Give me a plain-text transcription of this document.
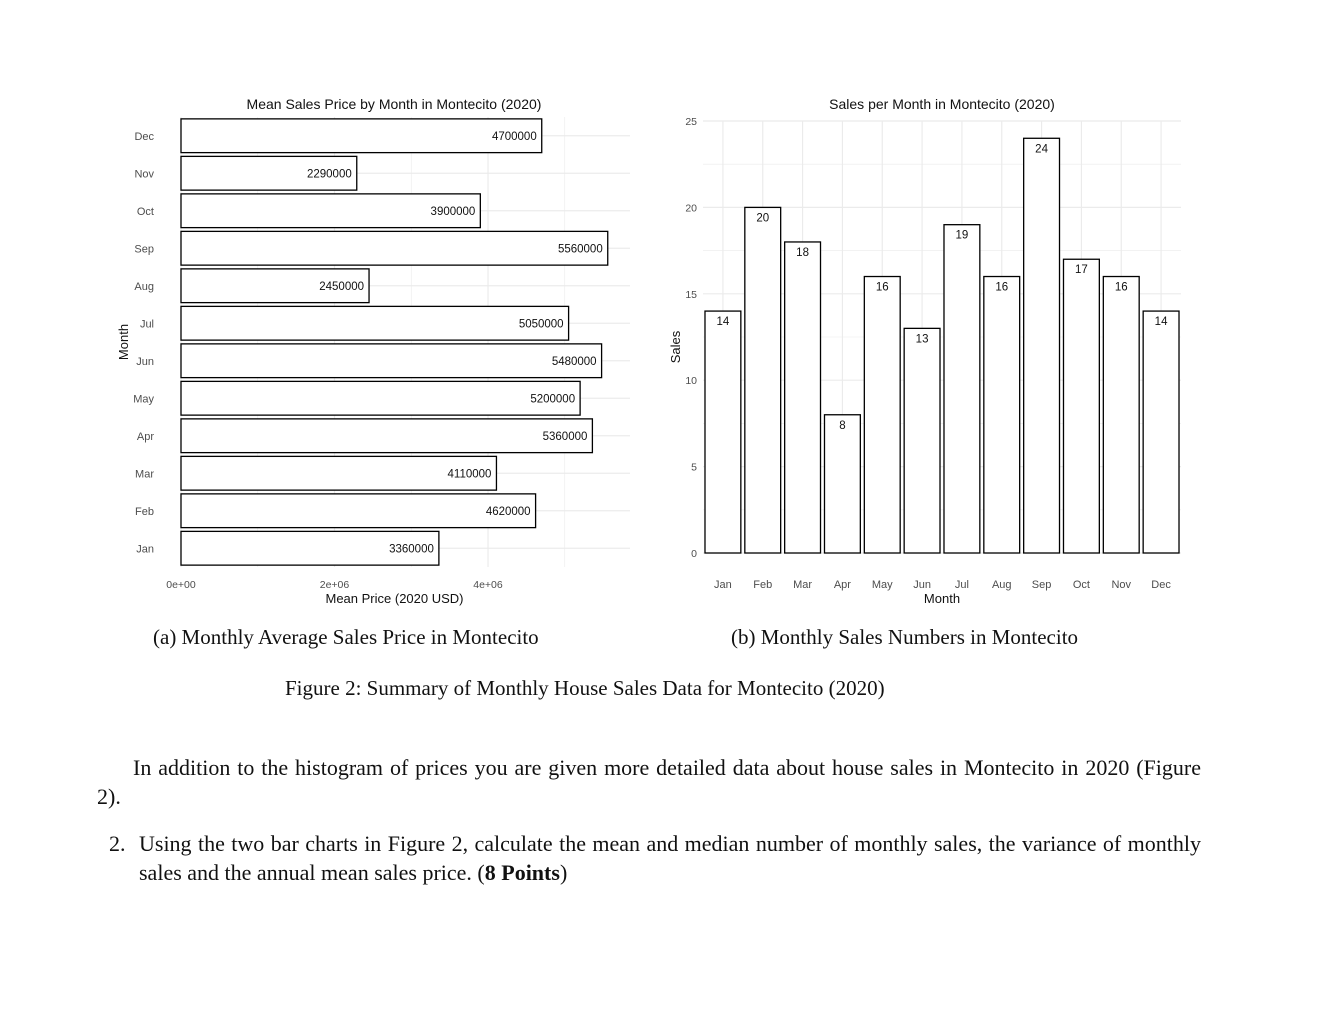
3360000
4620000
4110000
5360000
5200000
5480000
5050000
2450000
5560000
3900000
2290000
4700000
Jan
Feb
Mar
Apr
May
Jun
Jul
Aug
Sep
Oct
Nov
Dec
0e+00	2e+06	4e+06
Mean Price (2020 USD)
Month
Mean Sales Price by Month in Montecito (2020)
14
20
18
8
16
13
19
16
24
17
16
14
Jan Feb Mar Apr May Jun Jul Aug Sep Oct Nov Dec
0
5
10
15
20
25
Month
Sales
Sales per Month in Montecito (2020)
(a) Monthly Average Sales Price in Montecito	(b) Monthly Sales Numbers in Montecito
Figure 2: Summary of Monthly House Sales Data for Montecito (2020)
In addition to the histogram of prices you are given more detailed data about house sales in Montecito in 2020 (Figure 2).
2. Using the two bar charts in Figure 2, calculate the mean and median number of monthly sales, the variance of monthly sales and the annual mean sales price. (8 Points)
